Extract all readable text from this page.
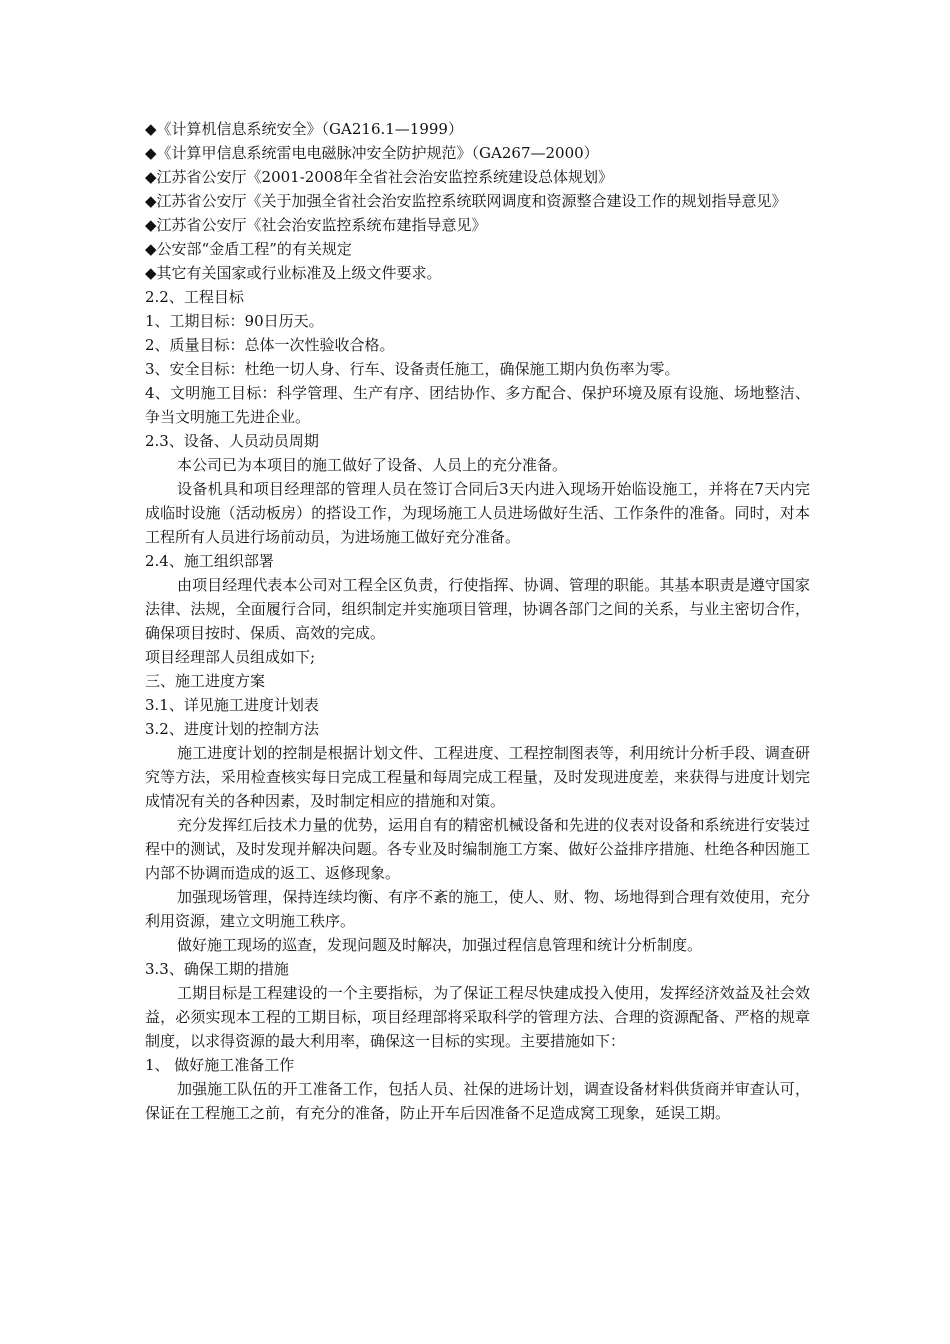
◆《计算机信息系统安全》（GA216.1—1999）

◆《计算甲信息系统雷电电磁脉冲安全防护规范》（GA267—2000）

◆江苏省公安厅《2001-2008年全省社会治安监控系统建设总体规划》

◆江苏省公安厅《关于加强全省社会治安监控系统联网调度和资源整合建设工作的规划指导意见》

◆江苏省公安厅《社会治安监控系统布建指导意见》

◆公安部“金盾工程”的有关规定

◆其它有关国家或行业标准及上级文件要求。

2.2、工程目标

1、工期目标：90日历天。

2、质量目标：总体一次性验收合格。

3、安全目标：杜绝一切人身、行车、设备责任施工，确保施工期内负伤率为零。

4、文明施工目标：科学管理、生产有序、团结协作、多方配合、保护环境及原有设施、场地整洁、争当文明施工先进企业。

2.3、设备、人员动员周期

本公司已为本项目的施工做好了设备、人员上的充分准备。

设备机具和项目经理部的管理人员在签订合同后3天内进入现场开始临设施工，并将在7天内完成临时设施（活动板房）的搭设工作，为现场施工人员进场做好生活、工作条件的准备。同时，对本工程所有人员进行场前动员，为进场施工做好充分准备。

2.4、施工组织部署

由项目经理代表本公司对工程全区负责，行使指挥、协调、管理的职能。其基本职责是遵守国家法律、法规，全面履行合同，组织制定并实施项目管理，协调各部门之间的关系，与业主密切合作，确保项目按时、保质、高效的完成。

项目经理部人员组成如下;

三、施工进度方案

3.1、详见施工进度计划表

3.2、进度计划的控制方法

施工进度计划的控制是根据计划文件、工程进度、工程控制图表等，利用统计分析手段、调查研究等方法，采用检查核实每日完成工程量和每周完成工程量，及时发现进度差，来获得与进度计划完成情况有关的各种因素，及时制定相应的措施和对策。

充分发挥红后技术力量的优势，运用自有的精密机械设备和先进的仪表对设备和系统进行安装过程中的测试，及时发现并解决问题。各专业及时编制施工方案、做好公益排序措施、杜绝各种因施工内部不协调而造成的返工、返修现象。

加强现场管理，保持连续均衡、有序不紊的施工，使人、财、物、场地得到合理有效使用，充分利用资源，建立文明施工秩序。

做好施工现场的巡查，发现问题及时解决，加强过程信息管理和统计分析制度。

3.3、确保工期的措施

工期目标是工程建设的一个主要指标，为了保证工程尽快建成投入使用，发挥经济效益及社会效益，必须实现本工程的工期目标，项目经理部将采取科学的管理方法、合理的资源配备、严格的规章制度，以求得资源的最大利用率，确保这一目标的实现。主要措施如下：

1、 做好施工准备工作

加强施工队伍的开工准备工作，包括人员、社保的进场计划，调查设备材料供货商并审查认可，保证在工程施工之前，有充分的准备，防止开车后因准备不足造成窝工现象，延误工期。
